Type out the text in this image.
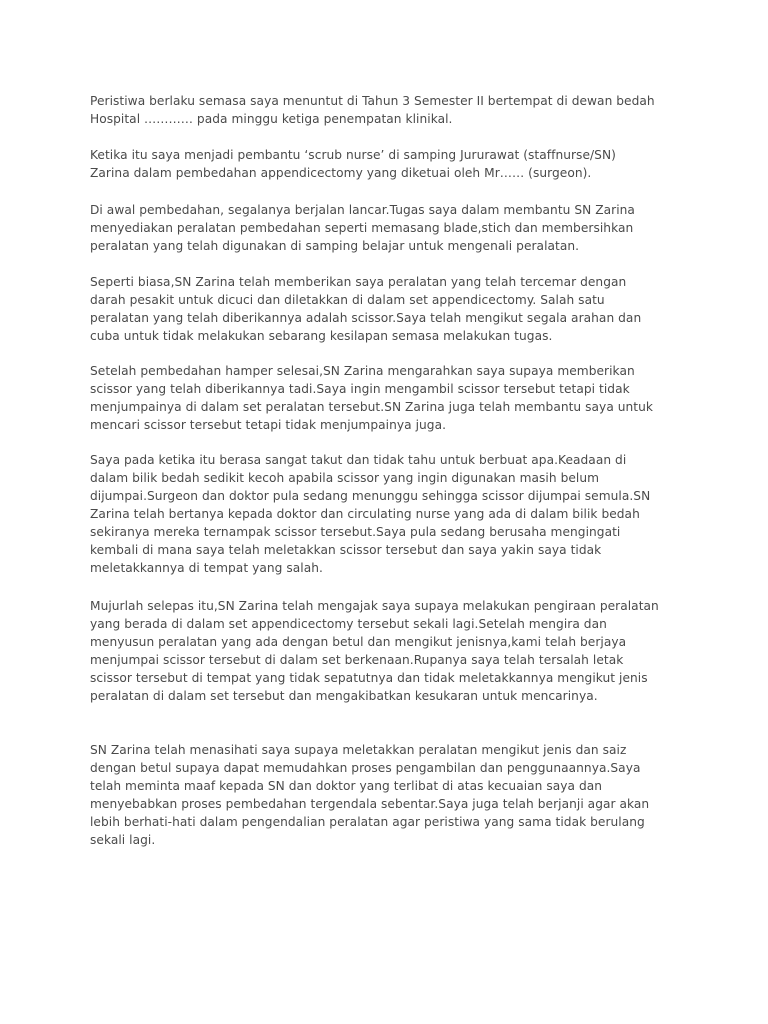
Peristiwa berlaku semasa saya menuntut di Tahun 3 Semester II bertempat di dewan bedah
Hospital ………… pada minggu ketiga penempatan klinikal.

Ketika itu saya menjadi pembantu ‘scrub nurse’ di samping Jururawat (staffnurse/SN)
Zarina dalam pembedahan appendicectomy yang diketuai oleh Mr…… (surgeon).

Di awal pembedahan, segalanya berjalan lancar.Tugas saya dalam membantu SN Zarina
menyediakan peralatan pembedahan seperti memasang blade,stich dan membersihkan
peralatan yang telah digunakan di samping belajar untuk mengenali peralatan.

Seperti biasa,SN Zarina telah memberikan saya peralatan yang telah tercemar dengan
darah pesakit untuk dicuci dan diletakkan di dalam set appendicectomy. Salah satu
peralatan yang telah diberikannya adalah scissor.Saya telah mengikut segala arahan dan
cuba untuk tidak melakukan sebarang kesilapan semasa melakukan tugas.

Setelah pembedahan hamper selesai,SN Zarina mengarahkan saya supaya memberikan
scissor yang telah diberikannya tadi.Saya ingin mengambil scissor tersebut tetapi tidak
menjumpainya di dalam set peralatan tersebut.SN Zarina juga telah membantu saya untuk
mencari scissor tersebut tetapi tidak menjumpainya juga.

Saya pada ketika itu berasa sangat takut dan tidak tahu untuk berbuat apa.Keadaan di
dalam bilik bedah sedikit kecoh apabila scissor yang ingin digunakan masih belum
dijumpai.Surgeon dan doktor pula sedang menunggu sehingga scissor dijumpai semula.SN
Zarina telah bertanya kepada doktor dan circulating nurse yang ada di dalam bilik bedah
sekiranya mereka ternampak scissor tersebut.Saya pula sedang berusaha mengingati
kembali di mana saya telah meletakkan scissor tersebut dan saya yakin saya tidak
meletakkannya di tempat yang salah.

Mujurlah selepas itu,SN Zarina telah mengajak saya supaya melakukan pengiraan peralatan
yang berada di dalam set appendicectomy tersebut sekali lagi.Setelah mengira dan
menyusun peralatan yang ada dengan betul dan mengikut jenisnya,kami telah berjaya
menjumpai scissor tersebut di dalam set berkenaan.Rupanya saya telah tersalah letak
scissor tersebut di tempat yang tidak sepatutnya dan tidak meletakkannya mengikut jenis
peralatan di dalam set tersebut dan mengakibatkan kesukaran untuk mencarinya.

SN Zarina telah menasihati saya supaya meletakkan peralatan mengikut jenis dan saiz
dengan betul supaya dapat memudahkan proses pengambilan dan penggunaannya.Saya
telah meminta maaf kepada SN dan doktor yang terlibat di atas kecuaian saya dan
menyebabkan proses pembedahan tergendala sebentar.Saya juga telah berjanji agar akan
lebih berhati-hati dalam pengendalian peralatan agar peristiwa yang sama tidak berulang
sekali lagi.
